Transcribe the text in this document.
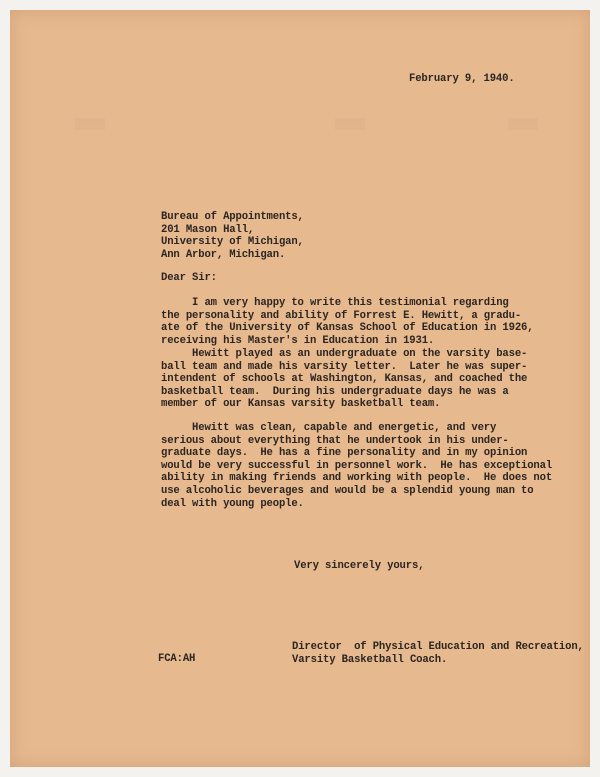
▒▒▒▒▒	▒▒▒▒▒	▒▒▒▒▒
February 9, 1940.
Bureau of Appointments,
201 Mason Hall,
University of Michigan,
Ann Arbor, Michigan.
Dear Sir:
I am very happy to write this testimonial regarding
the personality and ability of Forrest E. Hewitt, a gradu-
ate of the University of Kansas School of Education in 1926,
receiving his Master's in Education in 1931.
Hewitt played as an undergraduate on the varsity base-
ball team and made his varsity letter.  Later he was super-
intendent of schools at Washington, Kansas, and coached the
basketball team.  During his undergraduate days he was a
member of our Kansas varsity basketball team.
Hewitt was clean, capable and energetic, and very
serious about everything that he undertook in his under-
graduate days.  He has a fine personality and in my opinion
would be very successful in personnel work.  He has exceptional
ability in making friends and working with people.  He does not
use alcoholic beverages and would be a splendid young man to
deal with young people.
Very sincerely yours,
Director  of Physical Education and Recreation,
Varsity Basketball Coach.
FCA:AH
